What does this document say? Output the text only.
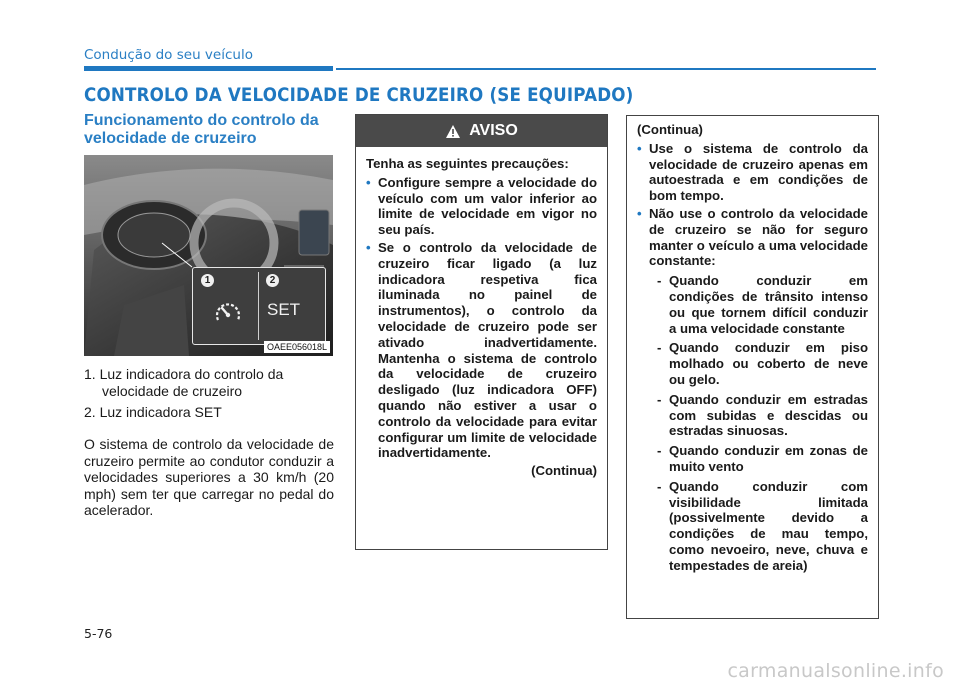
Condução do seu veículo
CONTROLO DA VELOCIDADE DE CRUZEIRO (SE EQUIPADO)
Funcionamento do controlo da velocidade de cruzeiro
1	2
SET
OAEE056018L
1. Luz indicadora do controlo da velocidade de cruzeiro
2. Luz indicadora SET

O sistema de controlo da velocidade de cruzeiro permite ao condutor conduzir a velocidades superiores a 30 km/h (20 mph) sem ter que carregar no pedal do acelerador.

AVISO

Tenha as seguintes precauções:

• Configure sempre a velocidade do veículo com um valor inferior ao limite de velocidade em vigor no seu país.
• Se o controlo da velocidade de cruzeiro ficar ligado (a luz indicadora respetiva fica iluminada no painel de instrumentos), o controlo da velocidade de cruzeiro pode ser ativado inadvertidamente. Mantenha o sistema de controlo da velocidade de cruzeiro desligado (luz indicadora OFF) quando não estiver a usar o controlo da velocidade para evitar configurar um limite de velocidade inadvertidamente.
(Continua)

(Continua)

• Use o sistema de controlo da velocidade de cruzeiro apenas em autoestrada e em condições de bom tempo.
• Não use o controlo da velocidade de cruzeiro se não for seguro manter o veículo a uma velocidade constante:
- Quando conduzir em condições de trânsito intenso ou que tornem difícil conduzir a uma velocidade constante
- Quando conduzir em piso molhado ou coberto de neve ou gelo.
- Quando conduzir em estradas com subidas e descidas ou estradas sinuosas.
- Quando conduzir em zonas de muito vento
- Quando conduzir com visibilidade limitada (possivelmente devido a condições de mau tempo, como nevoeiro, neve, chuva e tempestades de areia)
5-76
carmanualsonline.info
